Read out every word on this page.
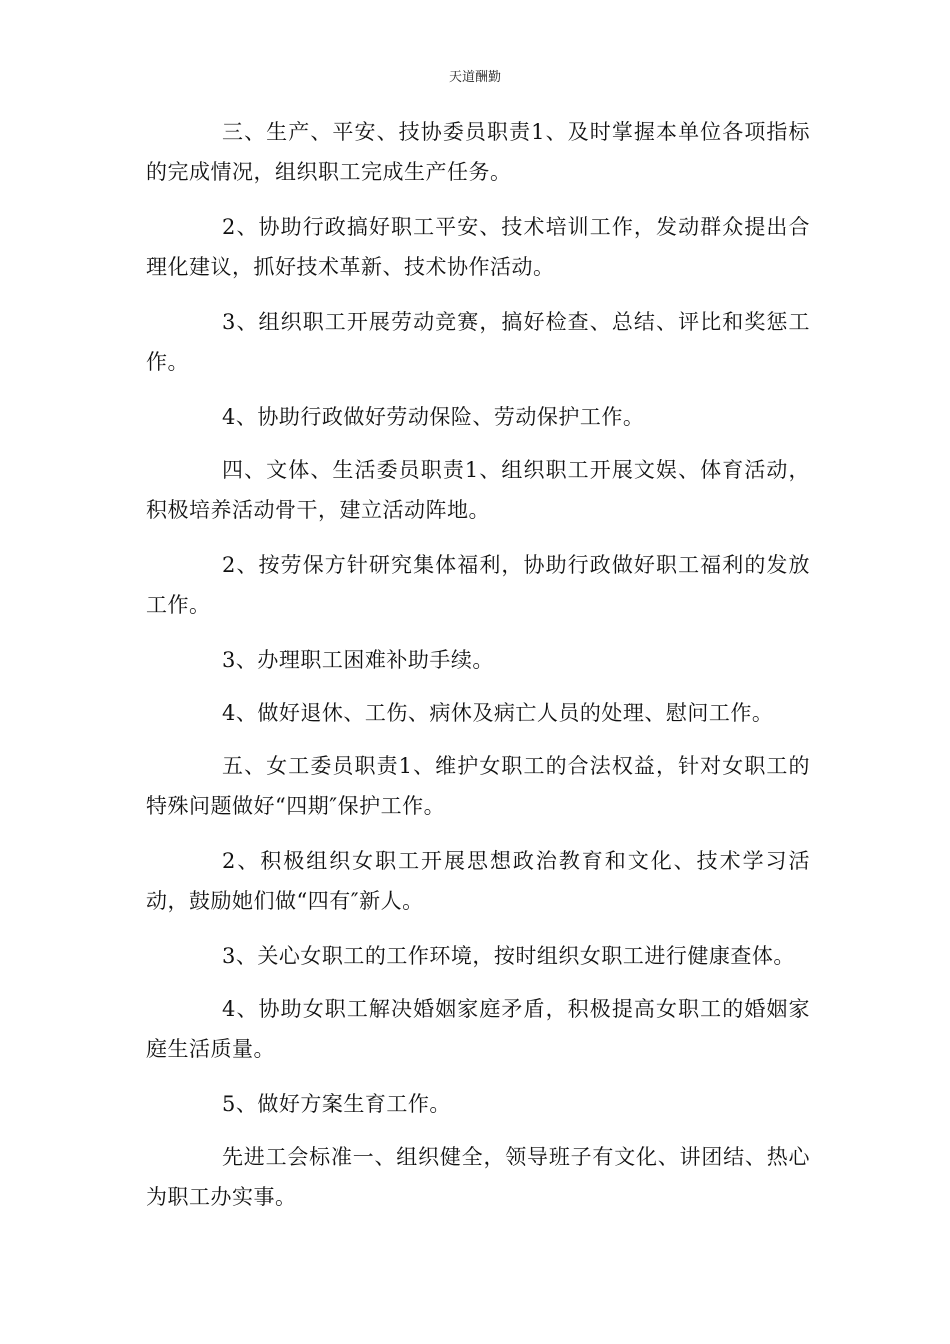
天道酬勤

三、生产、平安、技协委员职责1、及时掌握本单位各项指标的完成情况，组织职工完成生产任务。

2、协助行政搞好职工平安、技术培训工作，发动群众提出合理化建议，抓好技术革新、技术协作活动。

3、组织职工开展劳动竞赛，搞好检查、总结、评比和奖惩工作。

4、协助行政做好劳动保险、劳动保护工作。

四、文体、生活委员职责1、组织职工开展文娱、体育活动，积极培养活动骨干，建立活动阵地。

2、按劳保方针研究集体福利，协助行政做好职工福利的发放工作。

3、办理职工困难补助手续。

4、做好退休、工伤、病休及病亡人员的处理、慰问工作。

五、女工委员职责1、维护女职工的合法权益，针对女职工的特殊问题做好“四期″保护工作。

2、积极组织女职工开展思想政治教育和文化、技术学习活动，鼓励她们做“四有″新人。

3、关心女职工的工作环境，按时组织女职工进行健康查体。

4、协助女职工解决婚姻家庭矛盾，积极提高女职工的婚姻家庭生活质量。

5、做好方案生育工作。

先进工会标准一、组织健全，领导班子有文化、讲团结、热心为职工办实事。
